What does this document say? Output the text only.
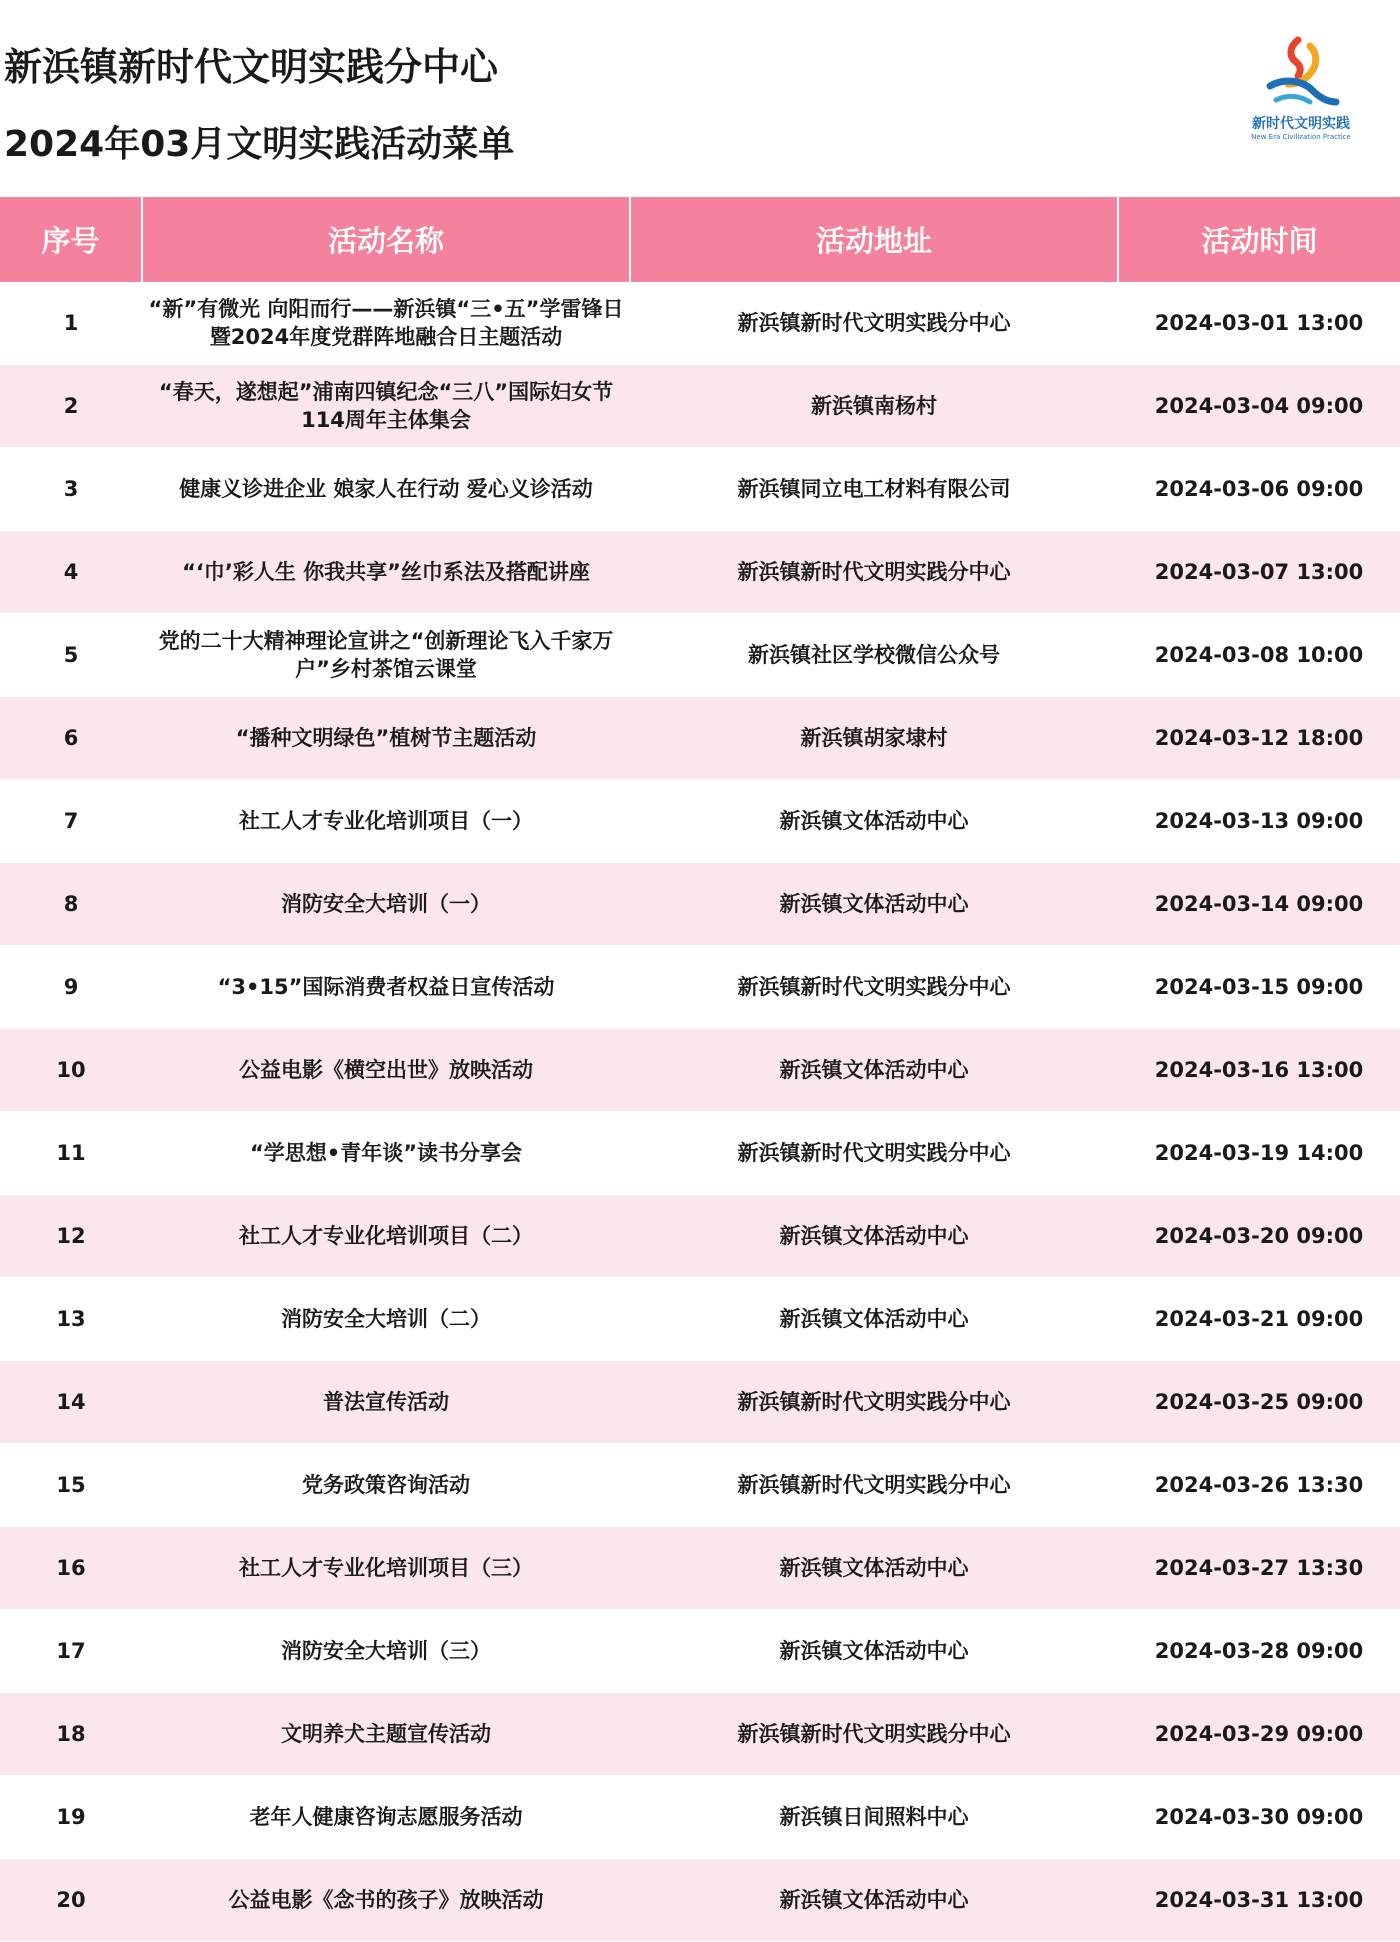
新浜镇新时代文明实践分中心
2024年03月文明实践活动菜单	新时代文明实践
New Era Civilization Practice
序号	活动名称	活动地址	活动时间
1	“新”有微光 向阳而行——新浜镇“三•五”学雷锋日暨2024年度党群阵地融合日主题活动	新浜镇新时代文明实践分中心	2024-03-01 13:00
2	“春天，遂想起”浦南四镇纪念“三八”国际妇女节114周年主体集会	新浜镇南杨村	2024-03-04 09:00
3	健康义诊进企业 娘家人在行动 爱心义诊活动	新浜镇同立电工材料有限公司	2024-03-06 09:00
4	“‘巾’彩人生 你我共享”丝巾系法及搭配讲座	新浜镇新时代文明实践分中心	2024-03-07 13:00
5	党的二十大精神理论宣讲之“创新理论飞入千家万户”乡村茶馆云课堂	新浜镇社区学校微信公众号	2024-03-08 10:00
6	“播种文明绿色”植树节主题活动	新浜镇胡家埭村	2024-03-12 18:00
7	社工人才专业化培训项目（一）	新浜镇文体活动中心	2024-03-13 09:00
8	消防安全大培训（一）	新浜镇文体活动中心	2024-03-14 09:00
9	“3•15”国际消费者权益日宣传活动	新浜镇新时代文明实践分中心	2024-03-15 09:00
10	公益电影《横空出世》放映活动	新浜镇文体活动中心	2024-03-16 13:00
11	“学思想•青年谈”读书分享会	新浜镇新时代文明实践分中心	2024-03-19 14:00
12	社工人才专业化培训项目（二）	新浜镇文体活动中心	2024-03-20 09:00
13	消防安全大培训（二）	新浜镇文体活动中心	2024-03-21 09:00
14	普法宣传活动	新浜镇新时代文明实践分中心	2024-03-25 09:00
15	党务政策咨询活动	新浜镇新时代文明实践分中心	2024-03-26 13:30
16	社工人才专业化培训项目（三）	新浜镇文体活动中心	2024-03-27 13:30
17	消防安全大培训（三）	新浜镇文体活动中心	2024-03-28 09:00
18	文明养犬主题宣传活动	新浜镇新时代文明实践分中心	2024-03-29 09:00
19	老年人健康咨询志愿服务活动	新浜镇日间照料中心	2024-03-30 09:00
20	公益电影《念书的孩子》放映活动	新浜镇文体活动中心	2024-03-31 13:00
